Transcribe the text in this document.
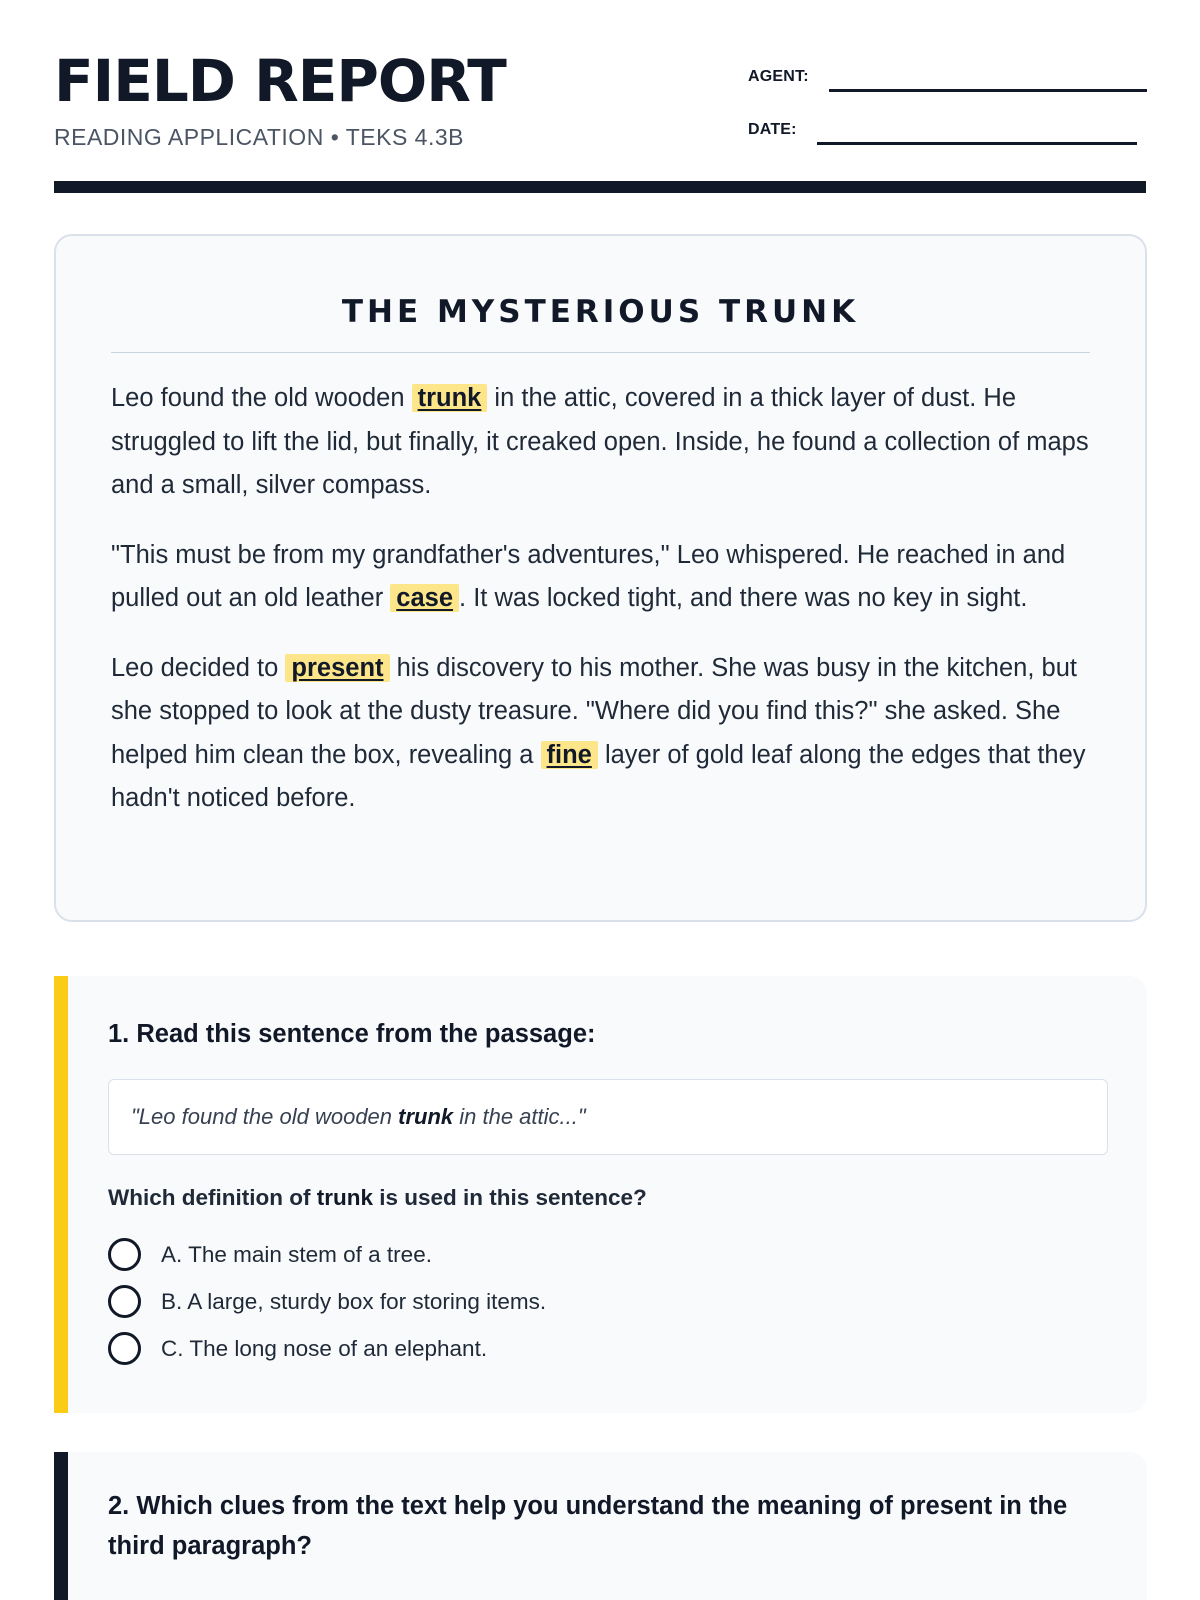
FIELD REPORT
READING APPLICATION • TEKS 4.3B
AGENT:
DATE:
THE MYSTERIOUS TRUNK

Leo found the old wooden trunk in the attic, covered in a thick layer of dust. He struggled to lift the lid, but finally, it creaked open. Inside, he found a collection of maps and a small, silver compass.

"This must be from my grandfather's adventures," Leo whispered. He reached in and pulled out an old leather case . It was locked tight, and there was no key in sight.

Leo decided to present his discovery to his mother. She was busy in the kitchen, but she stopped to look at the dusty treasure. "Where did you find this?" she asked. She helped him clean the box, revealing a fine layer of gold leaf along the edges that they hadn't noticed before.

1. Read this sentence from the passage:
"Leo found the old wooden trunk in the attic..."
Which definition of trunk is used in this sentence?
A. The main stem of a tree.
B. A large, sturdy box for storing items.
C. The long nose of an elephant.
2. Which clues from the text help you understand the meaning of present in the third paragraph?
